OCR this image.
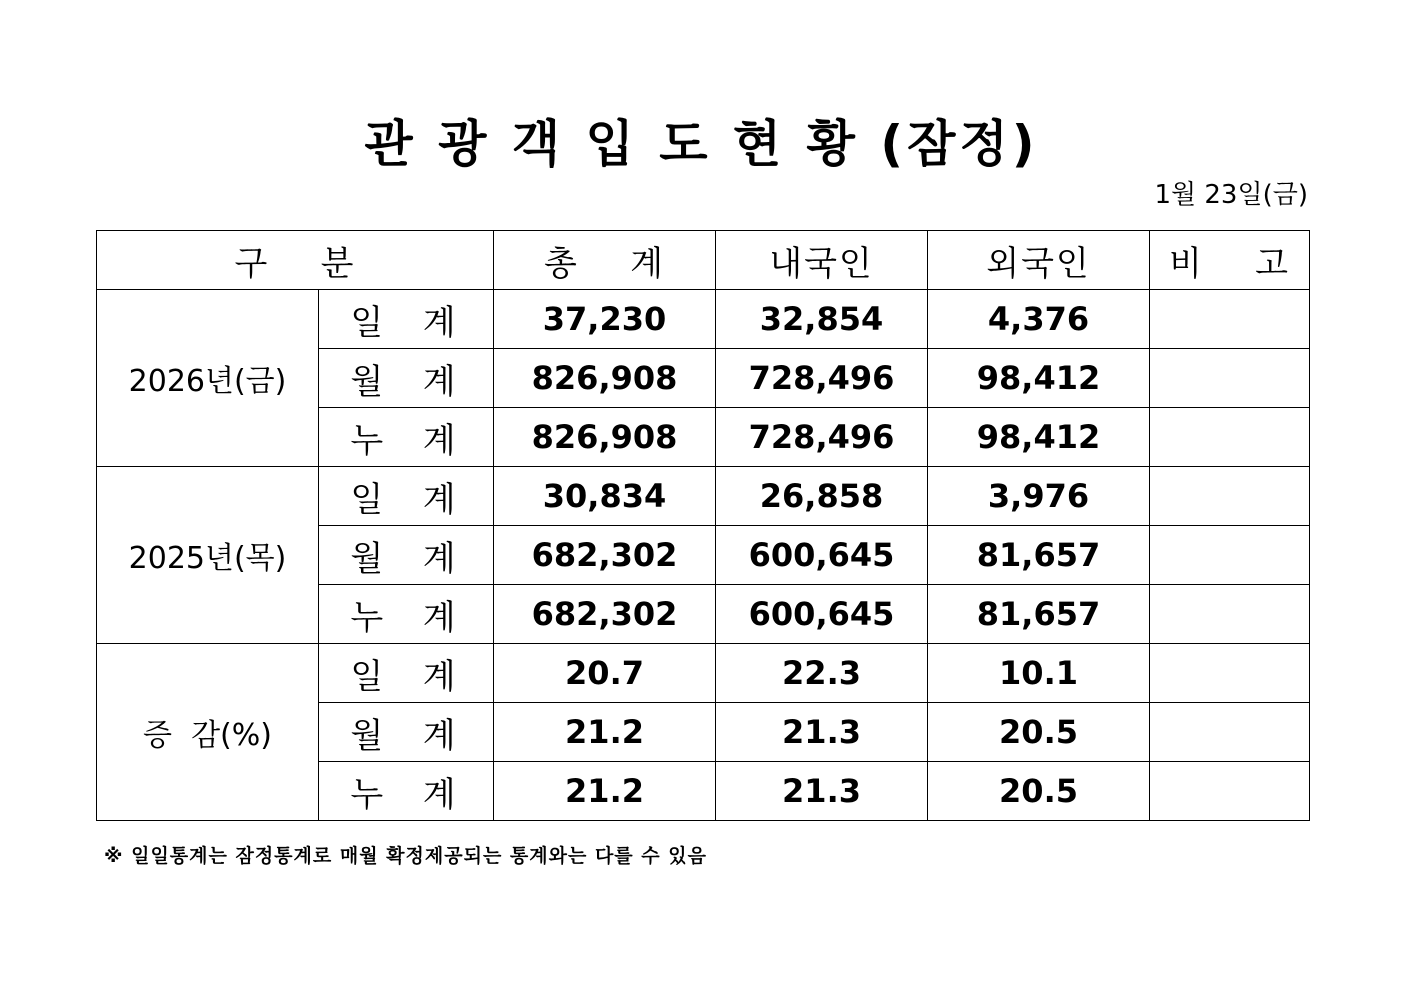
관 광 객 입 도 현 황 (잠정)
1월 23일(금)
구    분		총    계	내국인	외국인	비    고
2026년(금)	일  계	37,230	32,854	4,376	
	월  계	826,908	728,496	98,412	
	누  계	826,908	728,496	98,412	
2025년(목)	일  계	30,834	26,858	3,976	
	월  계	682,302	600,645	81,657	
	누  계	682,302	600,645	81,657	
증  감(%)	일  계	20.7	22.3	10.1	
	월  계	21.2	21.3	20.5	
	누  계	21.2	21.3	20.5	
※ 일일통계는 잠정통계로 매월 확정제공되는 통계와는 다를 수 있음
